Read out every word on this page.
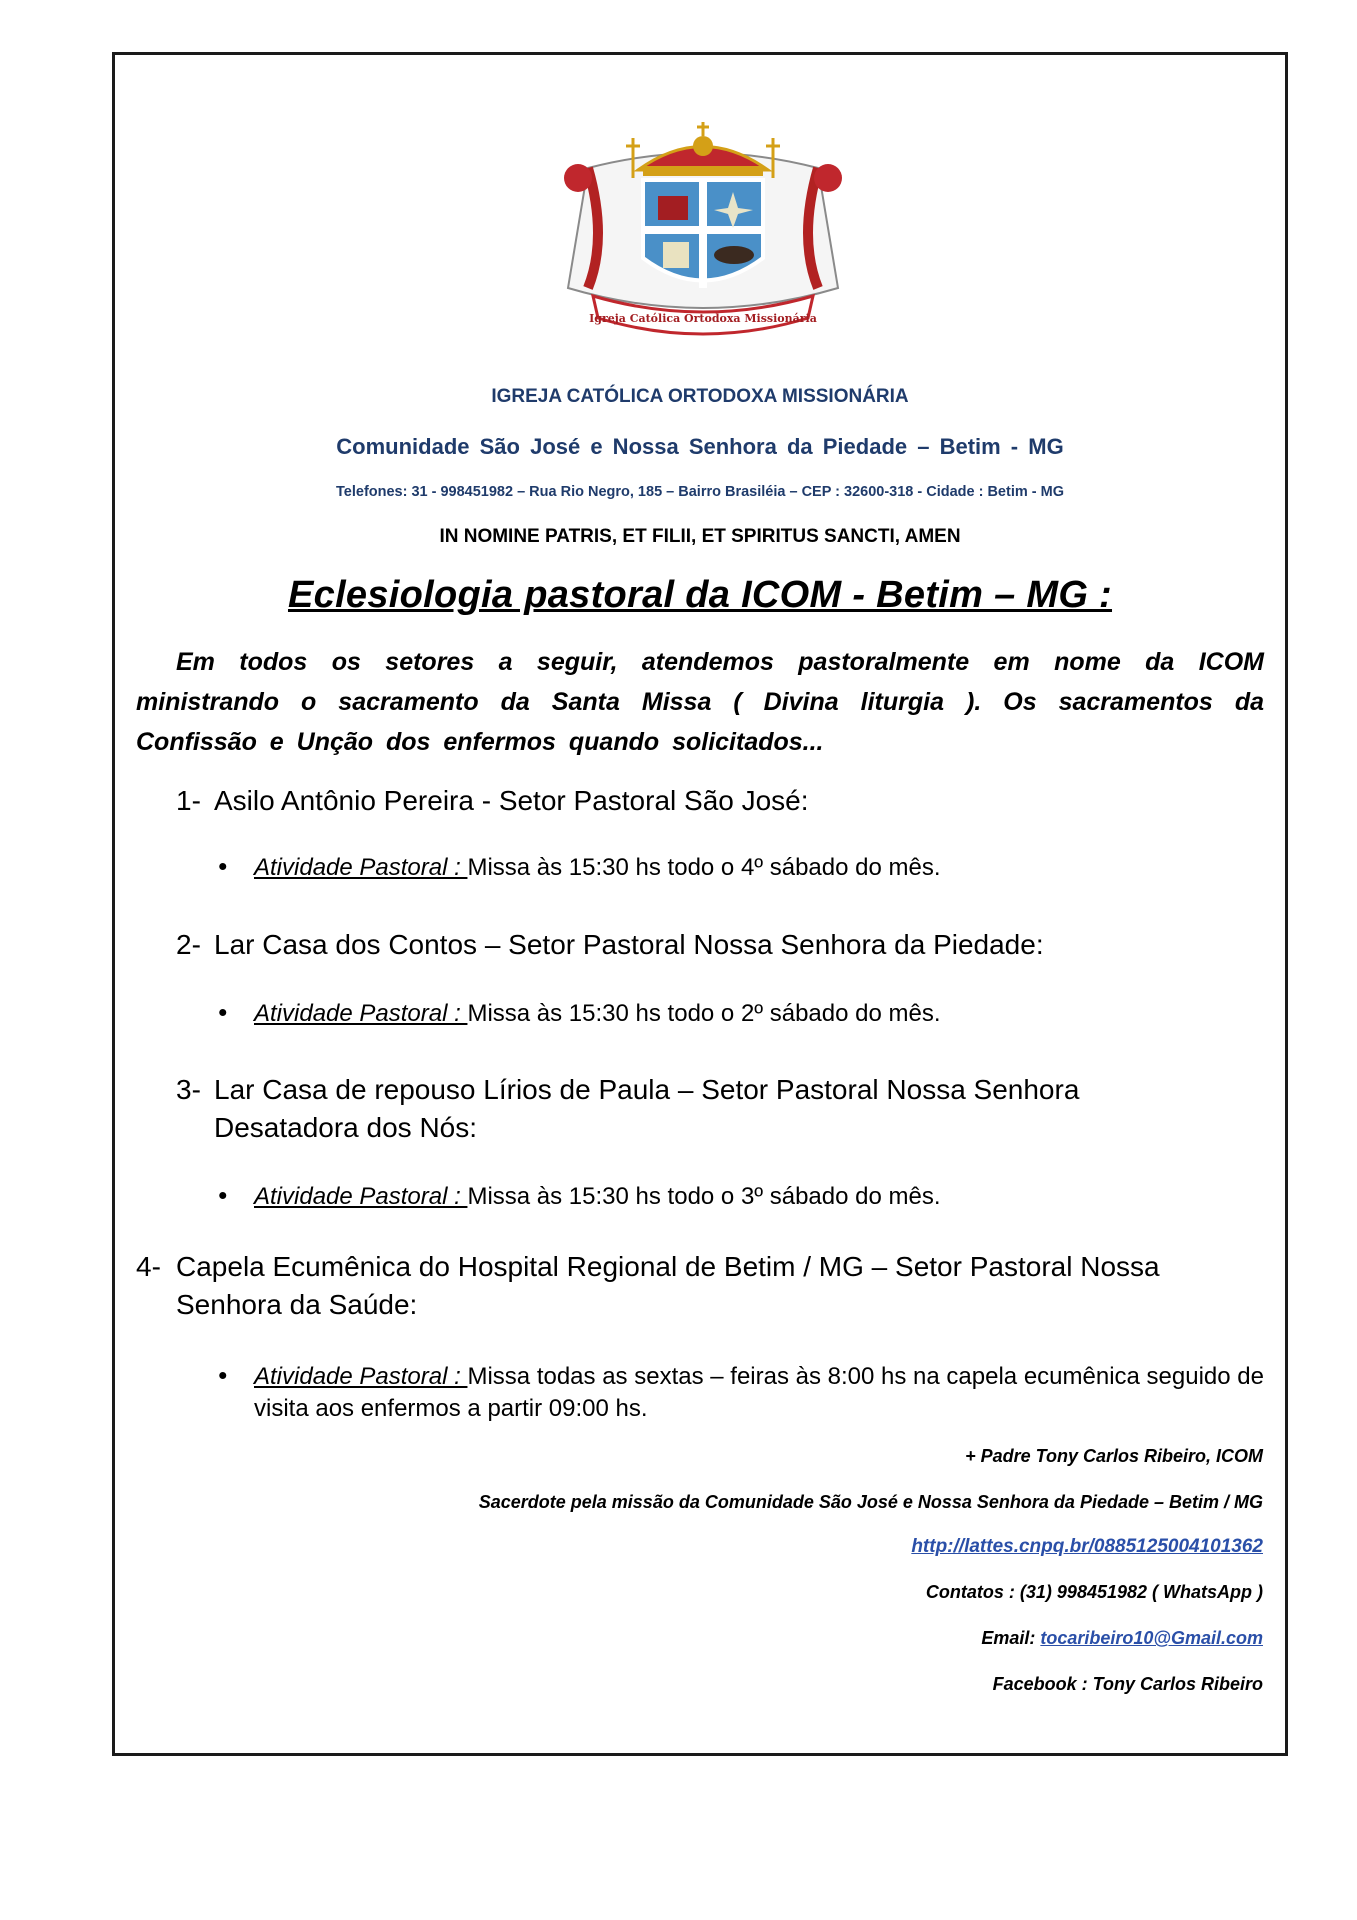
Igreja Católica Ortodoxa Missionária
IGREJA CATÓLICA ORTODOXA MISSIONÁRIA
Comunidade São José e Nossa Senhora da Piedade – Betim - MG
Telefones: 31 - 998451982 – Rua Rio Negro, 185 – Bairro Brasiléia – CEP : 32600-318 - Cidade : Betim - MG
IN NOMINE PATRIS, ET FILII, ET SPIRITUS SANCTI, AMEN
Eclesiologia pastoral da ICOM - Betim – MG :

Em todos os setores a seguir, atendemos pastoralmente em nome da ICOM ministrando o sacramento da Santa Missa ( Divina liturgia ). Os sacramentos da Confissão e Unção dos enfermos quando solicitados...

1- Asilo Antônio Pereira - Setor Pastoral São José:
• Atividade Pastoral : Missa às 15:30 hs todo o 4º sábado do mês.
2- Lar Casa dos Contos – Setor Pastoral Nossa Senhora da Piedade:
• Atividade Pastoral : Missa às 15:30 hs todo o 2º sábado do mês.
3- Lar Casa de repouso Lírios de Paula – Setor Pastoral Nossa Senhora Desatadora dos Nós:
• Atividade Pastoral : Missa às 15:30 hs todo o 3º sábado do mês.
4- Capela Ecumênica do Hospital Regional de Betim / MG – Setor Pastoral Nossa Senhora da Saúde:
• Atividade Pastoral : Missa todas as sextas – feiras às 8:00 hs na capela ecumênica seguido de visita aos enfermos a partir 09:00 hs.
+ Padre Tony Carlos Ribeiro, ICOM
Sacerdote pela missão da Comunidade São José e Nossa Senhora da Piedade – Betim / MG
http://lattes.cnpq.br/0885125004101362
Contatos : (31) 998451982 ( WhatsApp )
Email: tocaribeiro10@Gmail.com
Facebook : Tony Carlos Ribeiro
